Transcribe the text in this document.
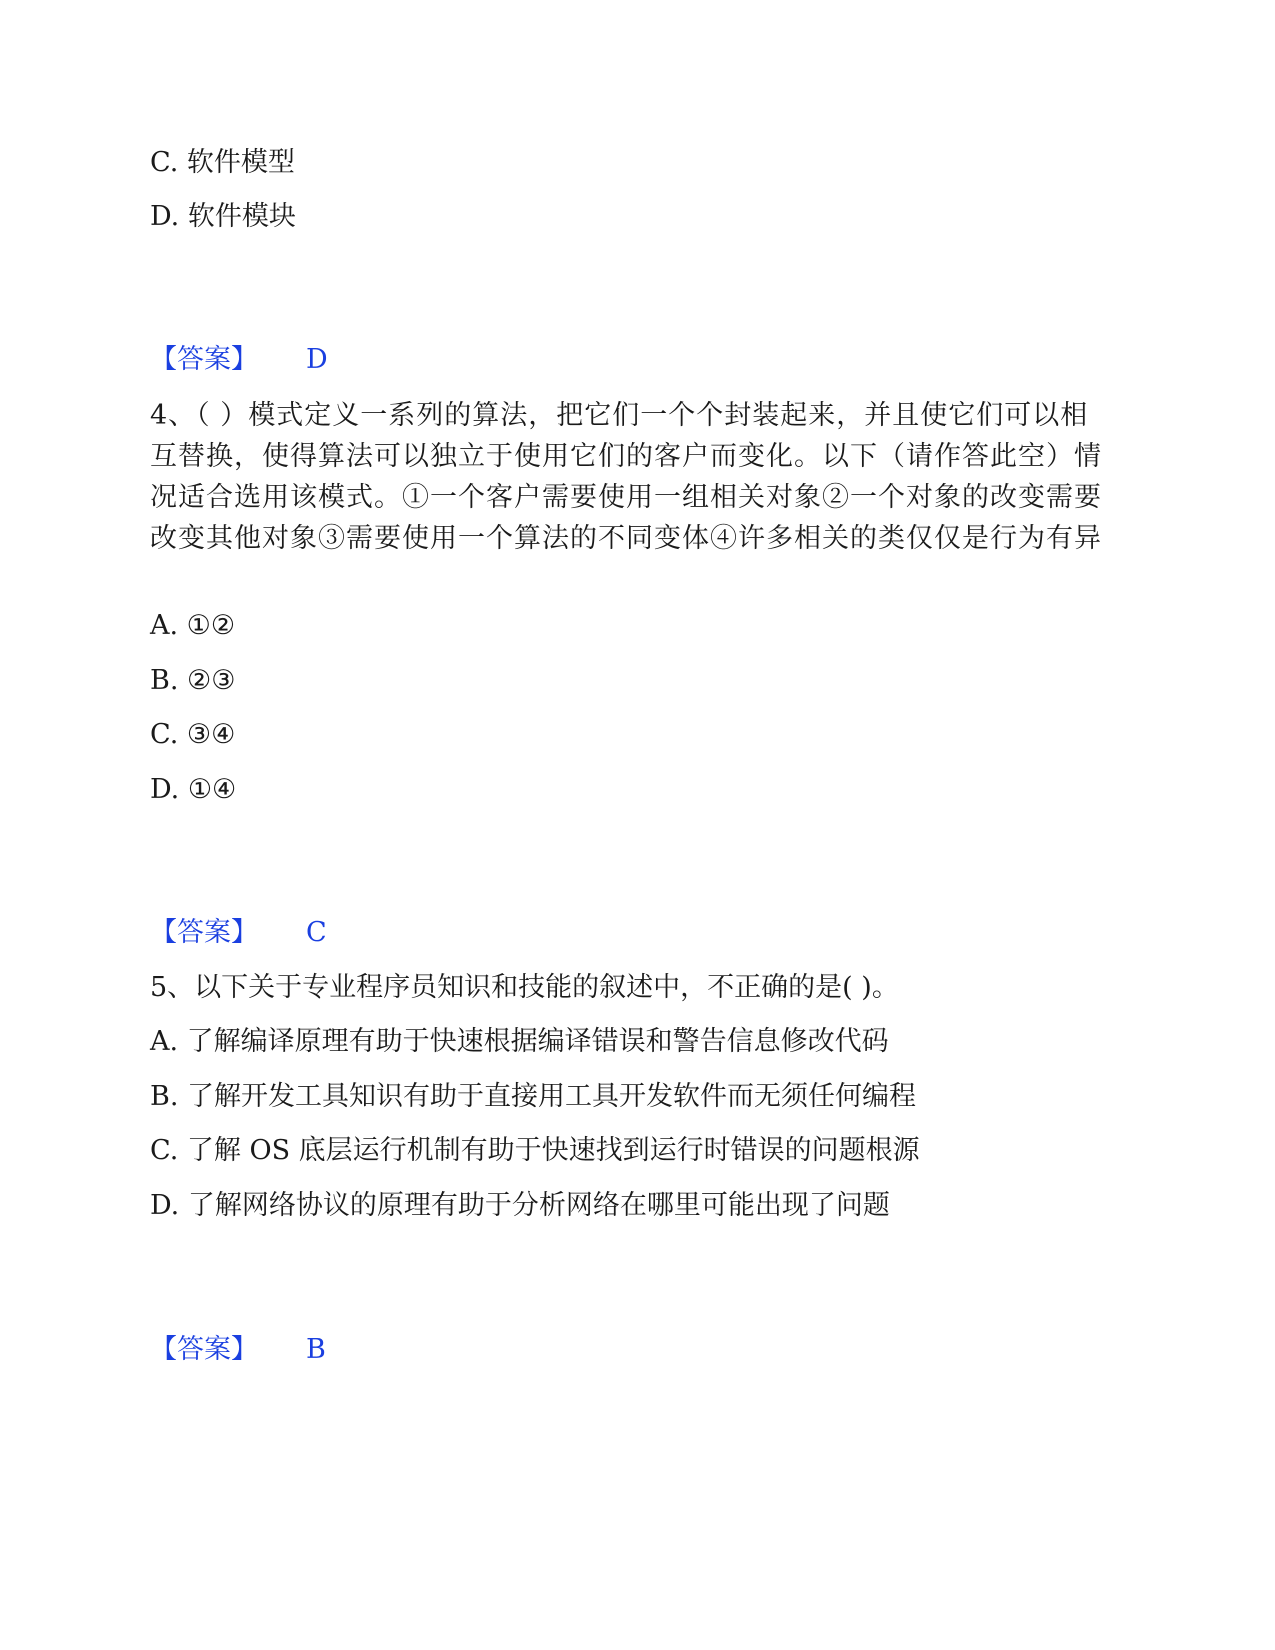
C. 软件模型
D. 软件模块
【答案】 D
4、（ ）模式定义一系列的算法，把它们一个个封装起来，并且使它们可以相互替换，使得算法可以独立于使用它们的客户而变化。以下（请作答此空）情况适合选用该模式。①一个客户需要使用一组相关对象②一个对象的改变需要改变其他对象③需要使用一个算法的不同变体④许多相关的类仅仅是行为有异
A. ①②
B. ②③
C. ③④
D. ①④
【答案】 C
5、以下关于专业程序员知识和技能的叙述中，不正确的是( )。
A. 了解编译原理有助于快速根据编译错误和警告信息修改代码
B. 了解开发工具知识有助于直接用工具开发软件而无须任何编程
C. 了解 OS 底层运行机制有助于快速找到运行时错误的问题根源
D. 了解网络协议的原理有助于分析网络在哪里可能出现了问题
【答案】 B
